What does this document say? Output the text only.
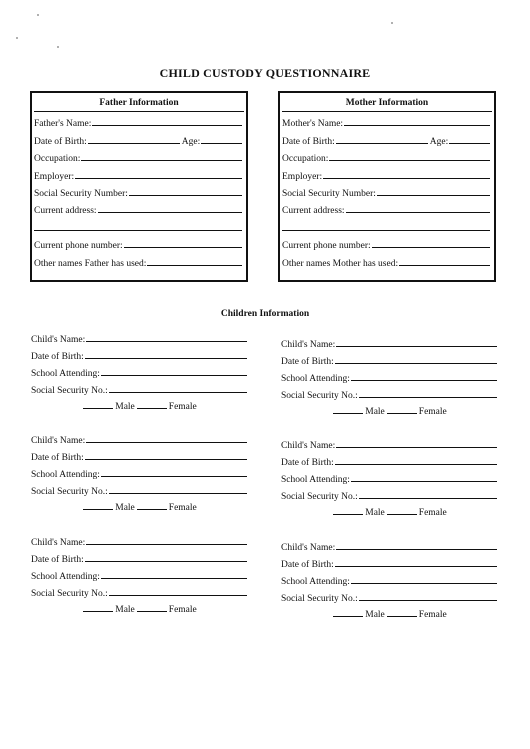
CHILD CUSTODY QUESTIONNAIRE
Father Information
Father's Name:
Date of Birth:	Age:
Occupation:
Employer:
Social Security Number:
Current address:
Current phone number:
Other names Father has used:
Mother Information
Mother's Name:
Date of Birth:	Age:
Occupation:
Employer:
Social Security Number:
Current address:
Current phone number:
Other names Mother has used:
Children Information
Child's Name:
Date of Birth:
School Attending:
Social Security No.:
Male	Female
Child's Name:
Date of Birth:
School Attending:
Social Security No.:
Male	Female
Child's Name:
Date of Birth:
School Attending:
Social Security No.:
Male	Female
Child's Name:
Date of Birth:
School Attending:
Social Security No.:
Male	Female
Child's Name:
Date of Birth:
School Attending:
Social Security No.:
Male	Female
Child's Name:
Date of Birth:
School Attending:
Social Security No.:
Male	Female
